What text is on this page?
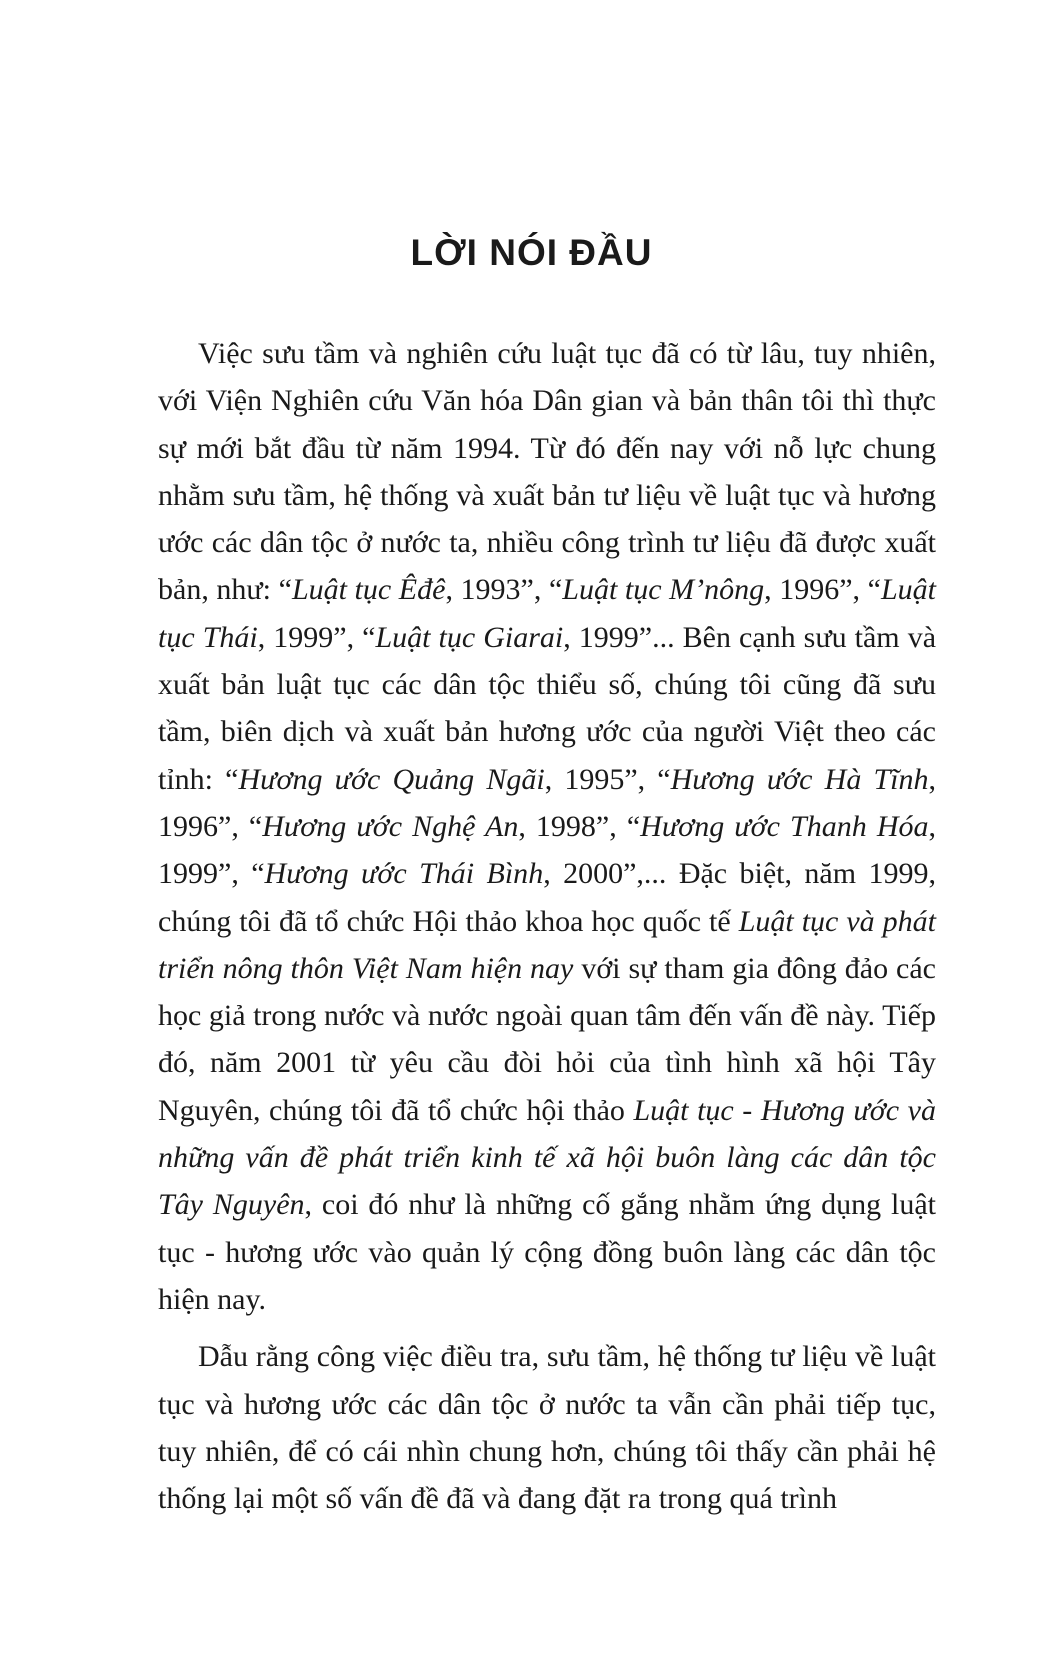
LỜI NÓI ĐẦU

Việc sưu tầm và nghiên cứu luật tục đã có từ lâu, tuy nhiên, với Viện Nghiên cứu Văn hóa Dân gian và bản thân tôi thì thực sự mới bắt đầu từ năm 1994. Từ đó đến nay với nỗ lực chung nhằm sưu tầm, hệ thống và xuất bản tư liệu về luật tục và hương ước các dân tộc ở nước ta, nhiều công trình tư liệu đã được xuất bản, như: “Luật tục Êđê, 1993”, “Luật tục M’nông, 1996”, “Luật tục Thái, 1999”, “Luật tục Giarai, 1999”... Bên cạnh sưu tầm và xuất bản luật tục các dân tộc thiểu số, chúng tôi cũng đã sưu tầm, biên dịch và xuất bản hương ước của người Việt theo các tỉnh: “Hương ước Quảng Ngãi, 1995”, “Hương ước Hà Tĩnh, 1996”, “Hương ước Nghệ An, 1998”, “Hương ước Thanh Hóa, 1999”, “Hương ước Thái Bình, 2000”,... Đặc biệt, năm 1999, chúng tôi đã tổ chức Hội thảo khoa học quốc tế Luật tục và phát triển nông thôn Việt Nam hiện nay với sự tham gia đông đảo các học giả trong nước và nước ngoài quan tâm đến vấn đề này. Tiếp đó, năm 2001 từ yêu cầu đòi hỏi của tình hình xã hội Tây Nguyên, chúng tôi đã tổ chức hội thảo Luật tục - Hương ước và những vấn đề phát triển kinh tế xã hội buôn làng các dân tộc Tây Nguyên, coi đó như là những cố gắng nhằm ứng dụng luật tục - hương ước vào quản lý cộng đồng buôn làng các dân tộc hiện nay.

Dẫu rằng công việc điều tra, sưu tầm, hệ thống tư liệu về luật tục và hương ước các dân tộc ở nước ta vẫn cần phải tiếp tục, tuy nhiên, để có cái nhìn chung hơn, chúng tôi thấy cần phải hệ thống lại một số vấn đề đã và đang đặt ra trong quá trình
